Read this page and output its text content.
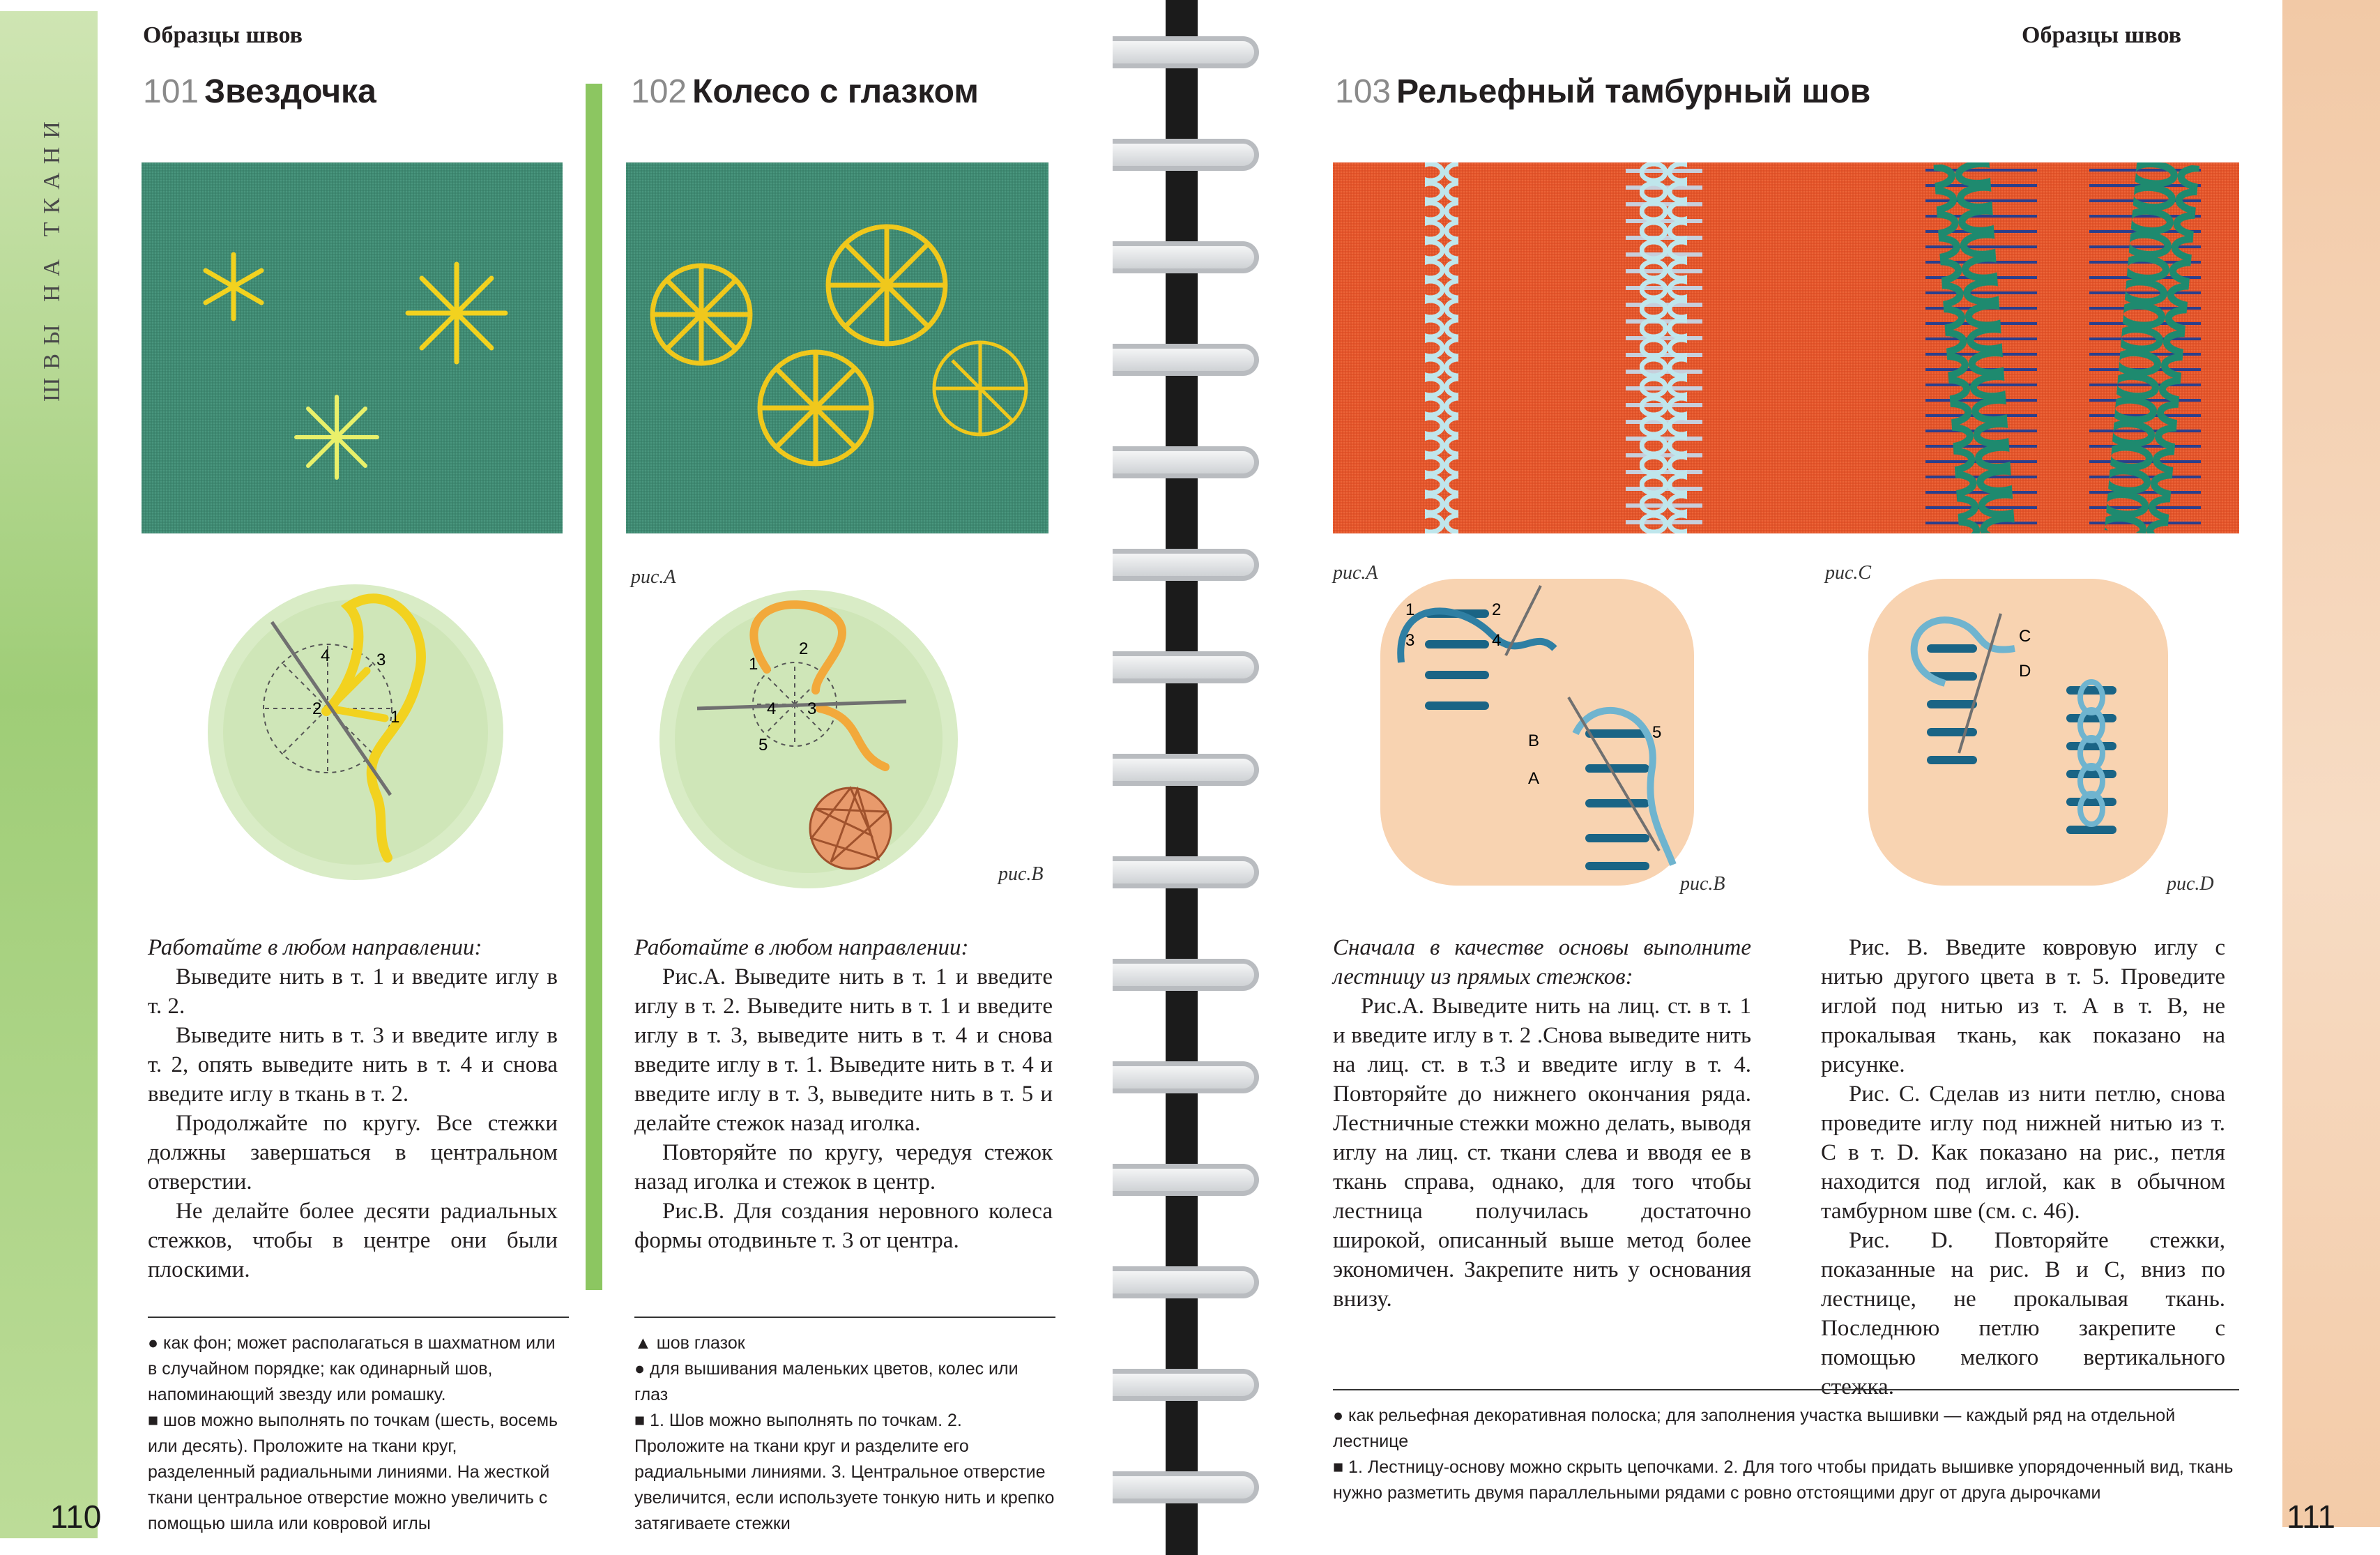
ШВЫ НА ТКАНИ
Образцы швов	Образцы швов
101 Звездочка	102 Колесо с глазком	103 Рельефный тамбурный шов
1
2
3
4
рис.А
1
2
3
4
5
рис.В
рис.А
1	2
3	4
5
B
A
рис.В
рис.С
C
D
рис.D

Работайте в любом направлении:

Выведите нить в т. 1 и введите иглу в т. 2.

Выведите нить в т. 3 и введите иглу в т. 2, опять выведите нить в т. 4 и снова введите иглу в ткань в т. 2.

Продолжайте по кругу. Все стежки должны завершаться в центральном отверстии.

Не делайте более десяти радиальных стежков, чтобы в центре они были плоскими.

Работайте в любом направлении:

Рис.А. Выведите нить в т. 1 и введите иглу в т. 2. Выведите нить в т. 1 и введите иглу в т. 3, выведите нить в т. 4 и снова введите иглу в т. 1. Выведите нить в т. 4 и введите иглу в т. 3, выведите нить в т. 5 и делайте стежок назад иголка.

Повторяйте по кругу, чередуя стежок назад иголка и стежок в центр.

Рис.В. Для создания неровного колеса формы отодвиньте т. 3 от центра.

Сначала в качестве основы выполните лестницу из прямых стежков:

Рис.А. Выведите нить на лиц. ст. в т. 1 и введите иглу в т. 2 .Снова выведите нить на лиц. ст. в т.3 и введите иглу в т. 4. Повторяйте до нижнего окончания ряда. Лестничные стежки можно делать, выводя иглу на лиц. ст. ткани слева и вводя ее в ткань справа, однако, для того чтобы лестница получилась достаточно широкой, описанный выше метод более экономичен. Закрепите нить у основания внизу.

Рис. В. Введите ковровую иглу с нитью другого цвета в т. 5. Проведите иглой под нитью из т. А в т. В, не прокалывая ткань, как показано на рисунке.

Рис. С. Сделав из нити петлю, снова проведите иглу под нижней нитью из т. С в т. D. Как показано на рис., петля находится под иглой, как в обычном тамбурном шве (см. с. 46).

Рис. D. Повторяйте стежки, показанные на рис. В и С, вниз по лестнице, не прокалывая ткань. Последнюю петлю закрепите с помощью мелкого вертикального стежка.

● как фон; может располагаться в шахматном или в случайном порядке; как одинарный шов, напоминающий звезду или ромашку.

■ шов можно выполнять по точкам (шесть, восемь или десять). Проложите на ткани круг, разделенный радиальными линиями. На жесткой ткани центральное отверстие можно увеличить с помощью шила или ковровой иглы

▲ шов глазок

● для вышивания маленьких цветов, колес или глаз

■ 1. Шов можно выполнять по точкам. 2. Проложите на ткани круг и разделите его радиальными линиями. 3. Центральное отверстие увеличится, если используете тонкую нить и крепко затягиваете стежки

● как рельефная декоративная полоска; для заполнения участка вышивки — каждый ряд на отдельной лестнице

■ 1. Лестницу-основу можно скрыть цепочками. 2. Для того чтобы придать вышивке упорядоченный вид, ткань нужно разметить двумя параллельными рядами с ровно отстоящими друг от друга дырочками

110	111
